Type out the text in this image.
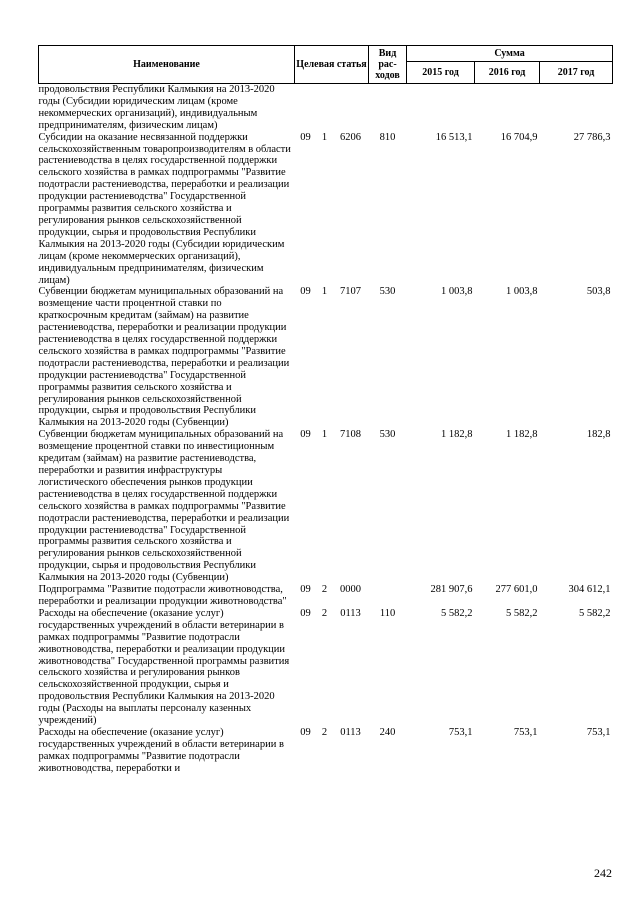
Наименование	Целевая статья			Вид рас-ходов	Сумма		
					2015 год	2016 год	2017 год
продовольствия Республики Калмыкия на 2013-2020 годы (Субсидии юридическим лицам (кроме некоммерческих организаций), индивидуальным предпринимателям, физическим лицам)							
Субсидии на оказание несвязанной поддержки сельскохозяйственным товаропроизводителям в области растениеводства в целях государственной поддержки сельского хозяйства в рамках подпрограммы "Развитие подотрасли растениеводства, переработки и реализации продукции растениеводства" Государственной программы развития сельского хозяйства и регулирования рынков сельскохозяйственной продукции, сырья и продовольствия Республики Калмыкия на 2013-2020 годы (Субсидии юридическим лицам (кроме некоммерческих организаций), индивидуальным предпринимателям, физическим лицам)	09	1	6206	810	16 513,1	16 704,9	27 786,3
Субвенции бюджетам муниципальных образований на возмещение части процентной ставки по краткосрочным кредитам (займам) на развитие растениеводства, переработки и реализации продукции растениеводства в целях государственной поддержки сельского хозяйства в рамках подпрограммы "Развитие подотрасли растениеводства, переработки и реализации продукции растениеводства" Государственной программы развития сельского хозяйства и регулирования рынков сельскохозяйственной продукции, сырья и продовольствия Республики Калмыкия на 2013-2020 годы (Субвенции)	09	1	7107	530	1 003,8	1 003,8	503,8
Субвенции бюджетам муниципальных образований на возмещение процентной ставки по инвестиционным кредитам (займам) на развитие растениеводства, переработки и развития инфраструктуры логистического обеспечения рынков продукции растениеводства в целях государственной поддержки сельского хозяйства в рамках подпрограммы "Развитие подотрасли растениеводства, переработки и реализации продукции растениеводства" Государственной программы развития сельского хозяйства и регулирования рынков сельскохозяйственной продукции, сырья и продовольствия Республики Калмыкия на 2013-2020 годы (Субвенции)	09	1	7108	530	1 182,8	1 182,8	182,8
Подпрограмма "Развитие подотрасли животноводства, переработки и реализации продукции животноводства"	09	2	0000		281 907,6	277 601,0	304 612,1
Расходы на обеспечение (оказание услуг) государственных учреждений в области ветеринарии в рамках подпрограммы "Развитие подотрасли животноводства, переработки и реализации продукции животноводства" Государственной программы развития сельского хозяйства и регулирования рынков сельскохозяйственной продукции, сырья и продовольствия Республики Калмыкия на 2013-2020 годы (Расходы на выплаты персоналу казенных учреждений)	09	2	0113	110	5 582,2	5 582,2	5 582,2
Расходы на обеспечение (оказание услуг) государственных учреждений в области ветеринарии в рамках подпрограммы "Развитие подотрасли животноводства, переработки и	09	2	0113	240	753,1	753,1	753,1
242
